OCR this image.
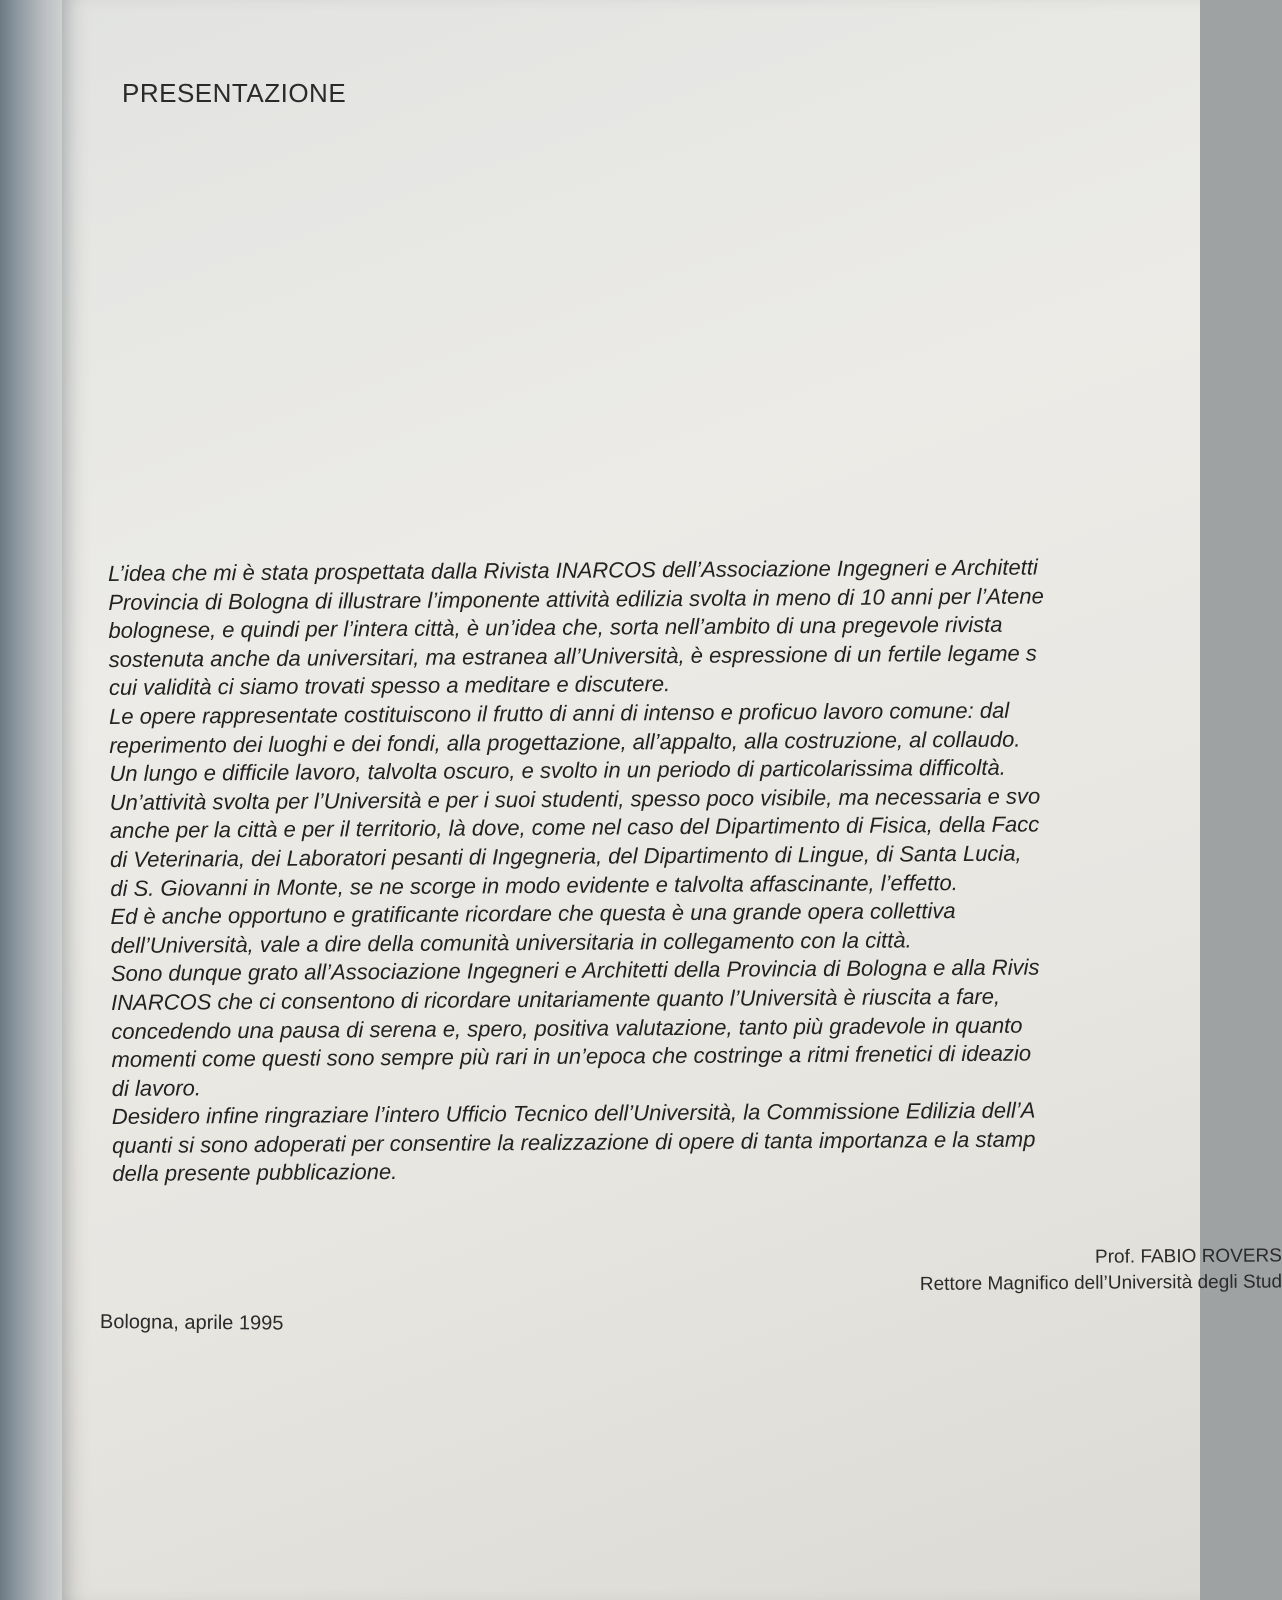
PRESENTAZIONE
L’idea che mi è stata prospettata dalla Rivista INARCOS dell’Associazione Ingegneri e Architetti
Provincia di Bologna di illustrare l’imponente attività edilizia svolta in meno di 10 anni per l’Atene
bolognese, e quindi per l’intera città, è un’idea che, sorta nell’ambito di una pregevole rivista
sostenuta anche da universitari, ma estranea all’Università, è espressione di un fertile legame s
cui validità ci siamo trovati spesso a meditare e discutere.
Le opere rappresentate costituiscono il frutto di anni di intenso e proficuo lavoro comune: dal
reperimento dei luoghi e dei fondi, alla progettazione, all’appalto, alla costruzione, al collaudo.
Un lungo e difficile lavoro, talvolta oscuro, e svolto in un periodo di particolarissima difficoltà.
Un’attività svolta per l’Università e per i suoi studenti, spesso poco visibile, ma necessaria e svo
anche per la città e per il territorio, là dove, come nel caso del Dipartimento di Fisica, della Facc
di Veterinaria, dei Laboratori pesanti di Ingegneria, del Dipartimento di Lingue, di Santa Lucia,
di S. Giovanni in Monte, se ne scorge in modo evidente e talvolta affascinante, l’effetto.
Ed è anche opportuno e gratificante ricordare che questa è una grande opera collettiva
dell’Università, vale a dire della comunità universitaria in collegamento con la città.
Sono dunque grato all’Associazione Ingegneri e Architetti della Provincia di Bologna e alla Rivis
INARCOS che ci consentono di ricordare unitariamente quanto l’Università è riuscita a fare,
concedendo una pausa di serena e, spero, positiva valutazione, tanto più gradevole in quanto
momenti come questi sono sempre più rari in un’epoca che costringe a ritmi frenetici di ideazio
di lavoro.
Desidero infine ringraziare l’intero Ufficio Tecnico dell’Università, la Commissione Edilizia dell’A
quanti si sono adoperati per consentire la realizzazione di opere di tanta importanza e la stamp
della presente pubblicazione.
Prof. FABIO ROVERS
Rettore Magnifico dell’Università degli Stud
Bologna, aprile 1995
